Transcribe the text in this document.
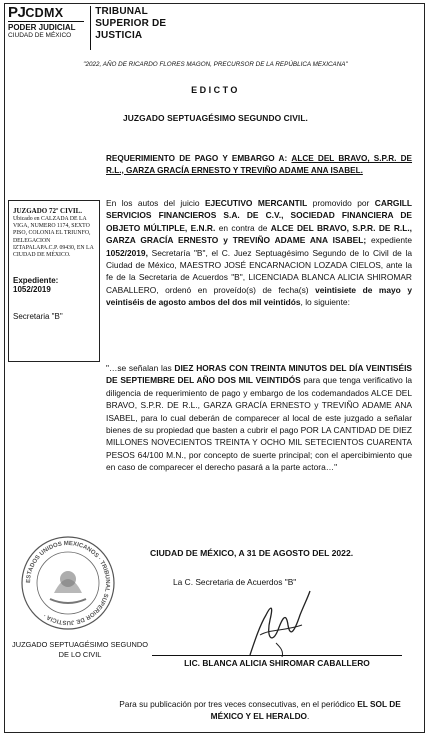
PJCDMX
PODER JUDICIAL
CIUDAD DE MÉXICO
TRIBUNAL
SUPERIOR DE
JUSTICIA
"2022, AÑO DE RICARDO FLORES MAGON, PRECURSOR DE LA REPÚBLICA MEXICANA"
EDICTO
JUZGADO SEPTUAGÉSIMO SEGUNDO CIVIL.
REQUERIMIENTO DE PAGO Y EMBARGO A: ALCE DEL BRAVO, S.P.R. DE R.L., GARZA GRACÍA ERNESTO Y TREVIÑO ADAME ANA ISABEL.
JUZGADO 72º CIVIL.
Ubicado en CALZADA DE LA VIGA, NUMERO 1174, SEXTO PISO, COLONIA EL TRIUNFO, DELEGACION IZTAPALAPA.C.P. 09430, EN LA CIUDAD DE MÉXICO.
Expediente:
1052/2019
Secretaria "B"
En los autos del juicio EJECUTIVO MERCANTIL promovido por CARGILL SERVICIOS FINANCIEROS S.A. DE C.V., SOCIEDAD FINANCIERA DE OBJETO MÚLTIPLE, E.N.R. en contra de ALCE DEL BRAVO, S.P.R. DE R.L., GARZA GRACÍA ERNESTO y TREVIÑO ADAME ANA ISABEL; expediente 1052/2019, Secretaría "B", el C. Juez Septuagésimo Segundo de lo Civil de la Ciudad de México, MAESTRO JOSÉ ENCARNACION LOZADA CIELOS, ante la fe de la Secretaria de Acuerdos "B", LICENCIADA BLANCA ALICIA SHIROMAR CABALLERO, ordenó en proveído(s) de fecha(s) veintisiete de mayo y veintiséis de agosto ambos del dos mil veintidós, lo siguiente:
"…se señalan las DIEZ HORAS CON TREINTA MINUTOS DEL DÍA VEINTISÉIS DE SEPTIEMBRE DEL AÑO DOS MIL VEINTIDÓS para que tenga verificativo la diligencia de requerimiento de pago y embargo de los codemandados ALCE DEL BRAVO, S.P.R. DE R.L., GARZA GRACÍA ERNESTO y TREVIÑO ADAME ANA ISABEL, para lo cual deberán de comparecer al local de este juzgado a señalar bienes de su propiedad que basten a cubrir el pago POR LA CANTIDAD DE DIEZ MILLONES NOVECIENTOS TREINTA Y OCHO MIL SETECIENTOS CUARENTA PESOS 64/100 M.N., por concepto de suerte principal; con el apercibimiento que en caso de comparecer el derecho pasará a la parte actora…"
CIUDAD DE MÉXICO, A 31 DE AGOSTO DEL 2022.
La C. Secretaria de Acuerdos "B"
ESTADOS UNIDOS MEXICANOS · TRIBUNAL SUPERIOR DE JUSTICIA ·
JUZGADO SEPTUAGÉSIMO SEGUNDO DE LO CIVIL
LIC. BLANCA ALICIA SHIROMAR CABALLERO
Para su publicación por tres veces consecutivas, en el periódico EL SOL DE MÉXICO Y EL HERALDO.
